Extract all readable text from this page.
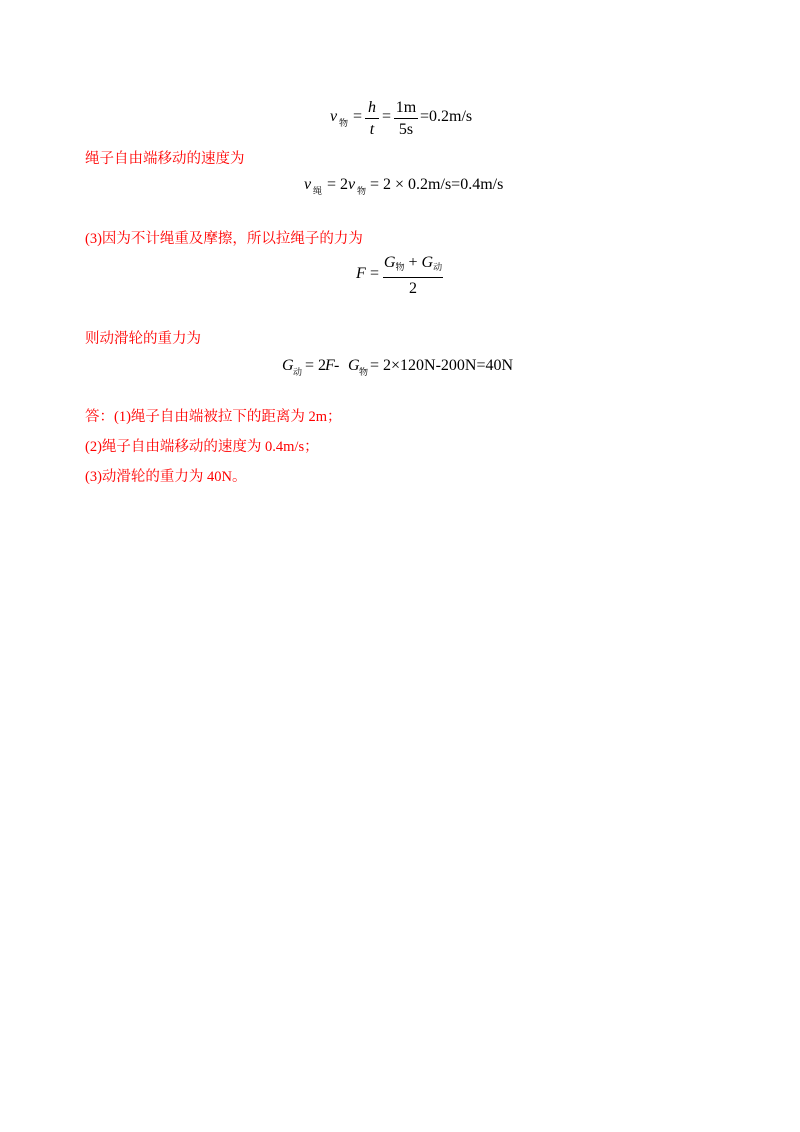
v 物 =
h
t
=
1m
5s
=0.2m/s
绳子自由端移动的速度为
v 绳 = 2 v 物 = 2 × 0.2m/s=0.4m/s
(3)因为不计绳重及摩擦，所以拉绳子的力为
F =
$G_物 + G_动$
2
则动滑轮的重力为
G 动 = 2
F - G 物 = 2×120N-200N=40N
答：(1)绳子自由端被拉下的距离为 2m；
(2)绳子自由端移动的速度为 0.4m/s；
(3)动滑轮的重力为 40N。
